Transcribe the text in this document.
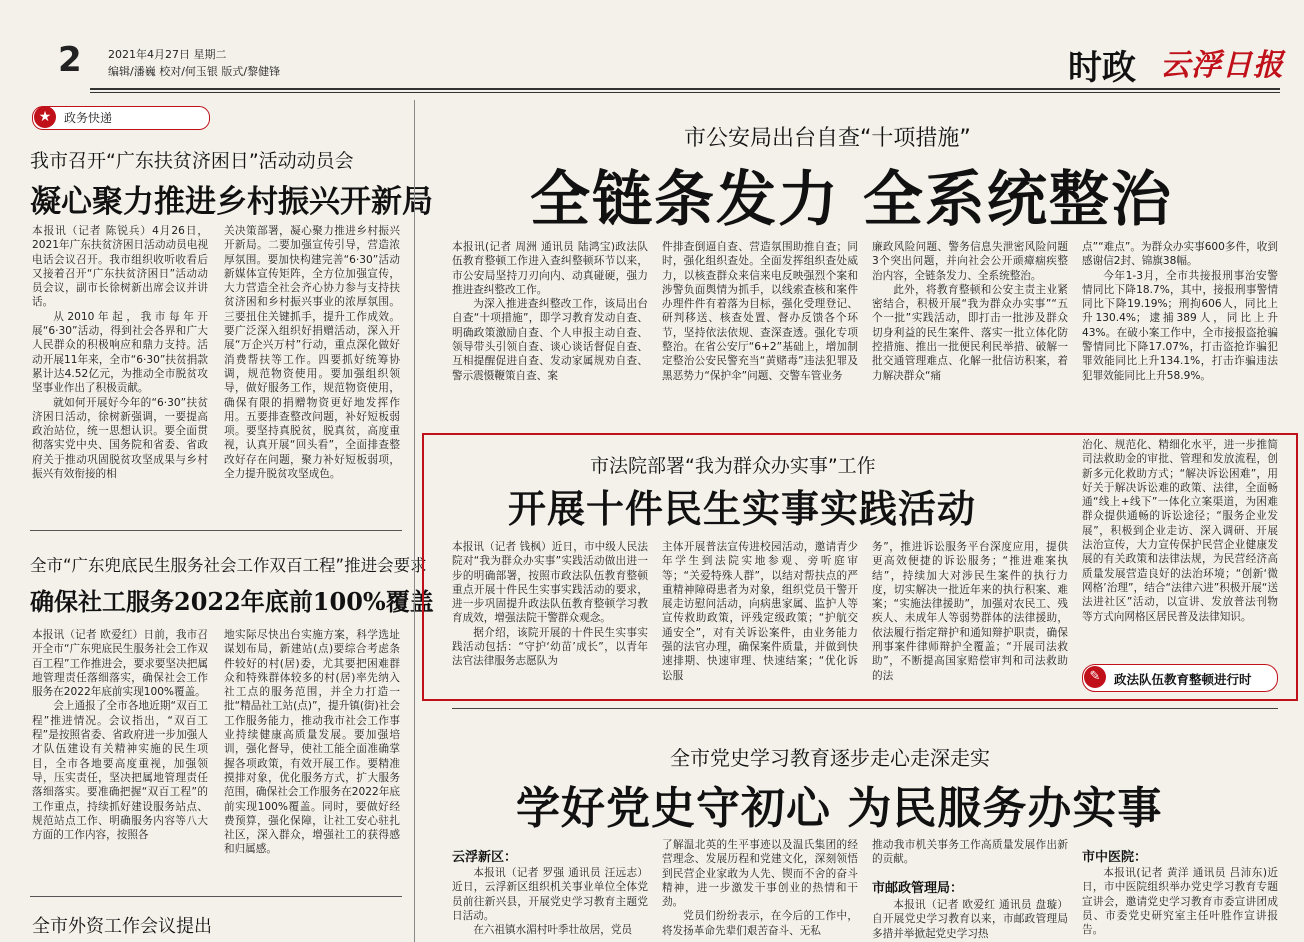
2 2021年4月27日 星期二
编辑/潘巍 校对/何玉银 版式/黎健锋	时政 云浮日报
★	政务快递
我市召开“广东扶贫济困日”活动动员会
凝心聚力推进乡村振兴开新局

本报讯（记者 陈锐兵）4月26日，2021年广东扶贫济困日活动动员电视电话会议召开。我市组织收听收看后又接着召开“广东扶贫济困日”活动动员会议，副市长徐树新出席会议并讲话。

从2010年起，我市每年开展“6·30”活动，得到社会各界和广大人民群众的积极响应和鼎力支持。活动开展11年来，全市“6·30”扶贫捐款累计达4.52亿元，为推动全市脱贫攻坚事业作出了积极贡献。

就如何开展好今年的“6·30”扶贫济困日活动，徐树新强调，一要提高政治站位，统一思想认识。要全面贯彻落实党中央、国务院和省委、省政府关于推动巩固脱贫攻坚成果与乡村振兴有效衔接的相

关决策部署，凝心聚力推进乡村振兴开新局。二要加强宣传引导，营造浓厚氛围。要加快构建完善“6·30”活动新媒体宣传矩阵，全方位加强宣传，大力营造全社会齐心协力参与支持扶贫济困和乡村振兴事业的浓厚氛围。三要扭住关键抓手，提升工作成效。要广泛深入组织好捐赠活动，深入开展“万企兴万村”行动，重点深化做好消费帮扶等工作。四要抓好统筹协调，规范物资使用。要加强组织领导，做好服务工作，规范物资使用，确保有限的捐赠物资更好地发挥作用。五要排查整改问题，补好短板弱项。要坚持真脱贫，脱真贫，高度重视，认真开展“回头看”，全面排查整改好存在问题，聚力补好短板弱项，全力提升脱贫攻坚成色。

全市“广东兜底民生服务社会工作双百工程”推进会要求
确保社工服务2022年底前100%覆盖

本报讯（记者 欧爱红）日前，我市召开全市“广东兜底民生服务社会工作双百工程”工作推进会，要求要坚决把属地管理责任落细落实，确保社会工作服务在2022年底前实现100%覆盖。

会上通报了全市各地近期“双百工程”推进情况。会议指出，“双百工程”是按照省委、省政府进一步加强人才队伍建设有关精神实施的民生项目，全市各地要高度重视，加强领导，压实责任，坚决把属地管理责任落细落实。要准确把握“双百工程”的工作重点，持续抓好建设服务站点、规范站点工作、明确服务内容等八大方面的工作内容，按照各

地实际尽快出台实施方案，科学选址谋划布局，新建站(点)要综合考虑条件较好的村(居)委，尤其要把困难群众和特殊群体较多的村(居)率先纳入社工点的服务范围，并全力打造一批“精品社工站(点)”，提升镇(街)社会工作服务能力，推动我市社会工作事业持续健康高质量发展。要加强培训，强化督导，使社工能全面准确掌握各项政策，有效开展工作。要精准摸排对象，优化服务方式，扩大服务范围，确保社会工作服务在2022年底前实现100%覆盖。同时，要做好经费预算，强化保障，让社工安心驻扎社区，深入群众，增强社工的获得感和归属感。

全市外资工作会议提出
市公安局出台自查“十项措施”
全链条发力 全系统整治

本报讯(记者 周洲 通讯员 陆鸿宝)政法队伍教育整顿工作进入查纠整顿环节以来，市公安局坚持刀刃向内、动真碰硬，强力推进查纠整改工作。

为深入推进查纠整改工作，该局出台自查“十项措施”，即学习教育发动自查、明确政策激励自查、个人申报主动自查、领导带头引领自查、谈心谈话督促自查、互相提醒促进自查、发动家属规劝自查、警示震慑鞭策自查、案

件排查倒逼自查、营造氛围助推自查；同时，强化组织查处。全面发挥组织查处威力，以核查群众来信来电反映强烈个案和涉警负面舆情为抓手，以线索查核和案件办理件件有着落为目标，强化受理登记、研判移送、核查处置、督办反馈各个环节，坚持依法依规、查深查透。强化专项整治。在省公安厅“6+2”基础上，增加制定整治公安民警充当“黄赌毒”违法犯罪及黑恶势力“保护伞”问题、交警车管业务

廉政风险问题、警务信息失泄密风险问题3个突出问题，并向社会公开顽瘴痼疾整治内容，全链条发力、全系统整治。

此外，将教育整顿和公安主责主业紧密结合，积极开展“我为群众办实事”“五个一批”实践活动，即打击一批涉及群众切身利益的民生案件、落实一批立体化防控措施、推出一批便民利民举措、破解一批交通管理难点、化解一批信访积案，着力解决群众“痛

点”“难点”。为群众办实事600多件，收到感谢信2封、锦旗38幅。

今年1-3月，全市共接报刑事治安警情同比下降18.7%，其中，接报刑事警情同比下降19.19%；刑拘606人，同比上升130.4%；逮捕389人，同比上升43%。在破小案工作中，全市接报盗抢骗警情同比下降17.07%，打击盗抢诈骗犯罪效能同比上升134.1%，打击诈骗违法犯罪效能同比上升58.9%。

市法院部署“我为群众办实事”工作
开展十件民生实事实践活动

本报讯（记者 钱枫）近日，市中级人民法院对“我为群众办实事”实践活动做出进一步的明确部署，按照市政法队伍教育整顿重点开展十件民生实事实践活动的要求，进一步巩固提升政法队伍教育整顿学习教育成效，增强法院干警群众观念。

据介绍，该院开展的十件民生实事实践活动包括：“守护‘幼苗’成长”，以青年法官法律服务志愿队为

主体开展普法宣传进校园活动，邀请青少年学生到法院实地参观、旁听庭审等；“关爱特殊人群”，以结对帮扶点的严重精神障碍患者为对象，组织党员干警开展走访慰问活动，向病患家属、监护人等宣传救助政策，评残定级政策；“护航交通安全”，对有关诉讼案件，由业务能力强的法官办理，确保案件质量，并做到快速排期、快速审理、快速结案；“优化诉讼服

务”，推进诉讼服务平台深度应用，提供更高效便捷的诉讼服务；“推进难案执结”，持续加大对涉民生案件的执行力度，切实解决一批近年来的执行积案、难案；“实施法律援助”，加强对农民工、残疾人、未成年人等弱势群体的法律援助，依法履行指定辩护和通知辩护职责，确保刑事案件律师辩护全覆盖；“开展司法救助”，不断提高国家赔偿审判和司法救助的法

治化、规范化、精细化水平，进一步推简司法救助金的审批、管理和发放流程，创新多元化救助方式；“解决诉讼困难”，用好关于解决诉讼难的政策、法律，全面畅通“线上+线下”一体化立案渠道，为困难群众提供通畅的诉讼途径；“服务企业发展”，积极到企业走访、深入调研、开展法治宣传，大力宣传保护民营企业健康发展的有关政策和法律法规，为民营经济高质量发展营造良好的法治环境；“创新‘微网格’治理”，结合“法律六进”积极开展“送法进社区”活动，以宣讲、发放普法刊物等方式向网格区居民普及法律知识。

✎	政法队伍教育整顿进行时
全市党史学习教育逐步走心走深走实
学好党史守初心 为民服务办实事
云浮新区：

本报讯（记者 罗强 通讯员 汪远志）近日，云浮新区组织机关事业单位全体党员前往新兴县，开展党史学习教育主题党日活动。

在六祖镇水湄村叶季壮故居，党员

了解温北英的生平事迹以及温氏集团的经营理念、发展历程和党建文化，深刻领悟到民营企业家敢为人先、锲而不舍的奋斗精神，进一步激发干事创业的热情和干劲。

党员们纷纷表示，在今后的工作中，将发扬革命先辈们艰苦奋斗、无私

推动我市机关事务工作高质量发展作出新的贡献。

市邮政管理局：

本报讯（记者 欧爱红 通讯员 盘璇）自开展党史学习教育以来，市邮政管理局多措并举掀起党史学习热

市中医院：

本报讯(记者 黄洋 通讯员 吕沛东)近日，市中医院组织举办党史学习教育专题宣讲会，邀请党史学习教育市委宣讲团成员、市委党史研究室主任叶胜作宣讲报告。
